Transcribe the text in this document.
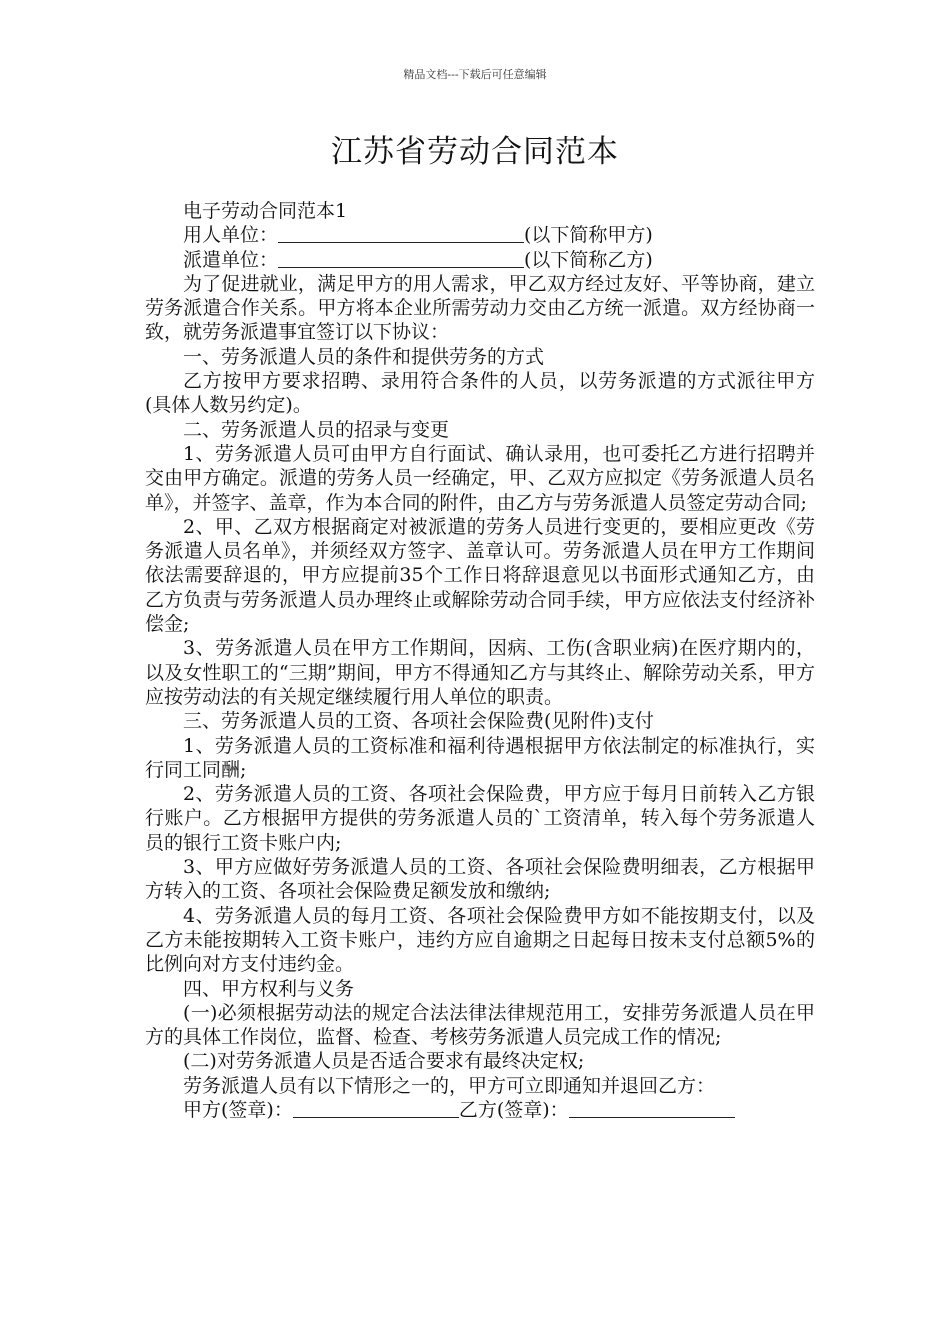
精品文档---下载后可任意编辑
江苏省劳动合同范本

电子劳动合同范本1

用人单位：	(以下简称甲方)

派遣单位：	(以下简称乙方)

为了促进就业，满足甲方的用人需求，甲乙双方经过友好、平等协商，建立劳务派遣合作关系。甲方将本企业所需劳动力交由乙方统一派遣。双方经协商一致，就劳务派遣事宜签订以下协议：

一、劳务派遣人员的条件和提供劳务的方式

乙方按甲方要求招聘、录用符合条件的人员，以劳务派遣的方式派往甲方(具体人数另约定)。

二、劳务派遣人员的招录与变更

1、劳务派遣人员可由甲方自行面试、确认录用，也可委托乙方进行招聘并交由甲方确定。派遣的劳务人员一经确定，甲、乙双方应拟定《劳务派遣人员名单》，并签字、盖章，作为本合同的附件，由乙方与劳务派遣人员签定劳动合同;

2、甲、乙双方根据商定对被派遣的劳务人员进行变更的，要相应更改《劳务派遣人员名单》，并须经双方签字、盖章认可。劳务派遣人员在甲方工作期间依法需要辞退的，甲方应提前35个工作日将辞退意见以书面形式通知乙方，由乙方负责与劳务派遣人员办理终止或解除劳动合同手续，甲方应依法支付经济补偿金;

3、劳务派遣人员在甲方工作期间，因病、工伤(含职业病)在医疗期内的，以及女性职工的“三期”期间，甲方不得通知乙方与其终止、解除劳动关系，甲方应按劳动法的有关规定继续履行用人单位的职责。

三、劳务派遣人员的工资、各项社会保险费(见附件)支付

1、劳务派遣人员的工资标准和福利待遇根据甲方依法制定的标准执行，实行同工同酬;

2、劳务派遣人员的工资、各项社会保险费，甲方应于每月日前转入乙方银行账户。乙方根据甲方提供的劳务派遣人员的`工资清单，转入每个劳务派遣人员的银行工资卡账户内;

3、甲方应做好劳务派遣人员的工资、各项社会保险费明细表，乙方根据甲方转入的工资、各项社会保险费足额发放和缴纳;

4、劳务派遣人员的每月工资、各项社会保险费甲方如不能按期支付，以及乙方未能按期转入工资卡账户，违约方应自逾期之日起每日按未支付总额5%的比例向对方支付违约金。

四、甲方权利与义务

(一)必须根据劳动法的规定合法法律法律规范用工，安排劳务派遣人员在甲方的具体工作岗位，监督、检查、考核劳务派遣人员完成工作的情况;

(二)对劳务派遣人员是否适合要求有最终决定权;

劳务派遣人员有以下情形之一的，甲方可立即通知并退回乙方：

甲方(签章)：	乙方(签章)：
